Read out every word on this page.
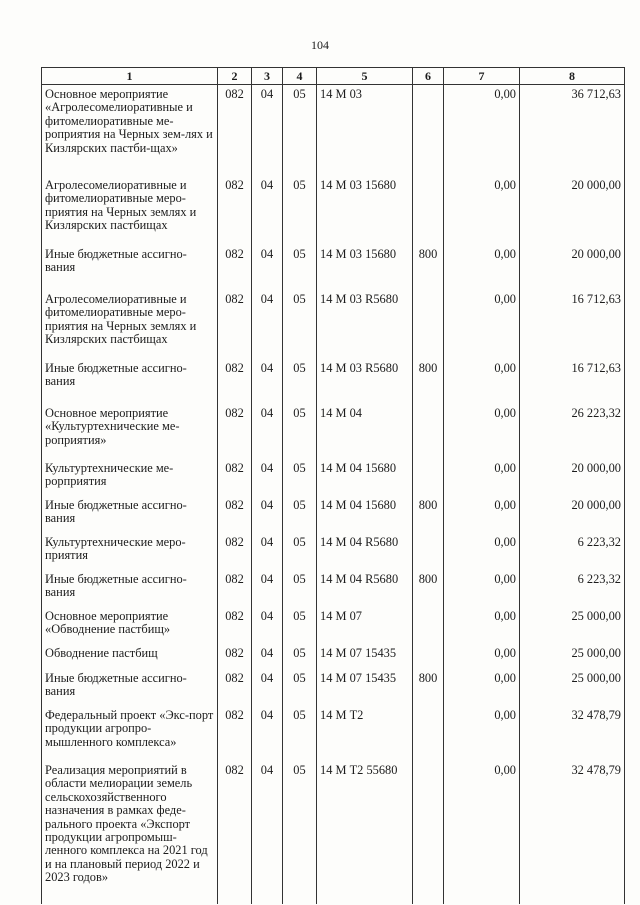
104
1	2	3	4	5	6	7	8
Основное мероприятие «Агролесомелиоративные и фитомелиоративные ме-роприятия на Черных зем-лях и Кизлярских пастби-щах»	082	04	05	14 М 03		0,00	36 712,63
Агролесомелиоративные и фитомелиоративные меро-приятия на Черных землях и Кизлярских пастбищах	082	04	05	14 М 03 15680		0,00	20 000,00
Иные бюджетные ассигно-вания	082	04	05	14 М 03 15680	800	0,00	20 000,00
Агролесомелиоративные и фитомелиоративные меро-приятия на Черных землях и Кизлярских пастбищах	082	04	05	14 М 03 R5680		0,00	16 712,63
Иные бюджетные ассигно-вания	082	04	05	14 М 03 R5680	800	0,00	16 712,63
Основное мероприятие «Культуртехнические ме-роприятия»	082	04	05	14 М 04		0,00	26 223,32
Культуртехнические ме-рорприятия	082	04	05	14 М 04 15680		0,00	20 000,00
Иные бюджетные ассигно-вания	082	04	05	14 М 04 15680	800	0,00	20 000,00
Культуртехнические меро-приятия	082	04	05	14 М 04 R5680		0,00	6 223,32
Иные бюджетные ассигно-вания	082	04	05	14 М 04 R5680	800	0,00	6 223,32
Основное мероприятие «Обводнение пастбищ»	082	04	05	14 М 07		0,00	25 000,00
Обводнение пастбищ	082	04	05	14 М 07 15435		0,00	25 000,00
Иные бюджетные ассигно-вания	082	04	05	14 М 07 15435	800	0,00	25 000,00
Федеральный проект «Экс-порт продукции агропро-мышленного комплекса»	082	04	05	14 М Т2		0,00	32 478,79
Реализация мероприятий в области мелиорации земель сельскохозяйственного назначения в рамках феде-рального проекта «Экспорт продукции агропромыш-ленного комплекса на 2021 год и на плановый период 2022 и 2023 годов»	082	04	05	14 М Т2 55680		0,00	32 478,79
